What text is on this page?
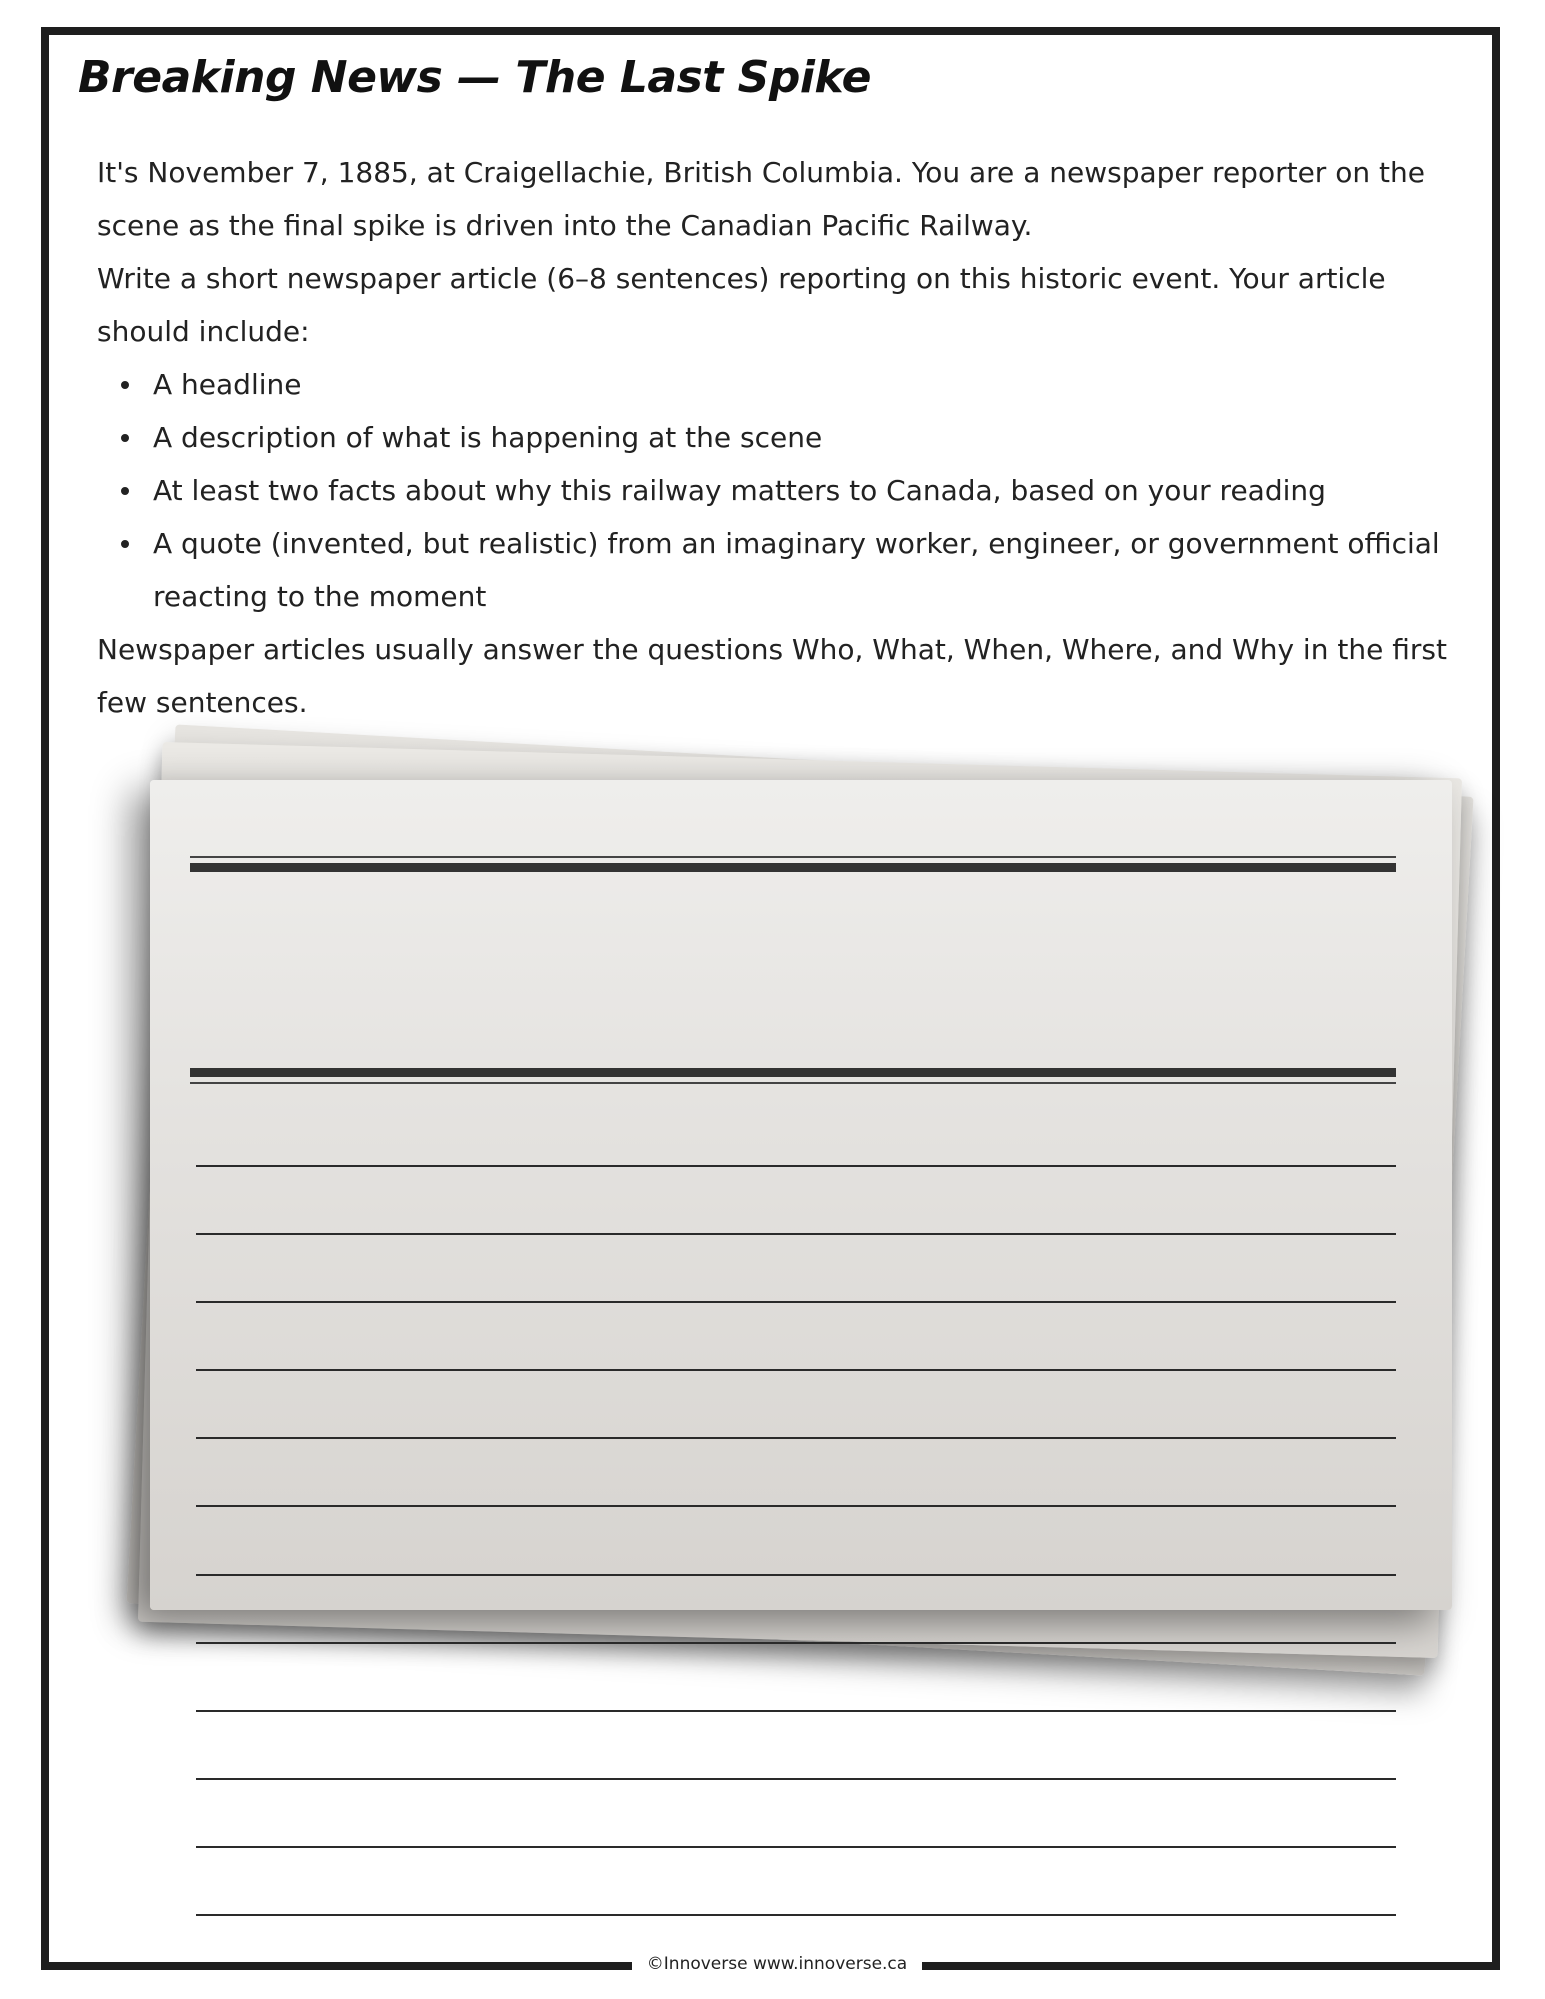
Breaking News — The Last Spike

It's November 7, 1885, at Craigellachie, British Columbia. You are a newspaper reporter on the scene as the final spike is driven into the Canadian Pacific Railway.

Write a short newspaper article (6–8 sentences) reporting on this historic event. Your article should include:

A headline
A description of what is happening at the scene
At least two facts about why this railway matters to Canada, based on your reading
A quote (invented, but realistic) from an imaginary worker, engineer, or government official reacting to the moment

Newspaper articles usually answer the questions Who, What, When, Where, and Why in the first few sentences.

©Innoverse www.innoverse.ca
